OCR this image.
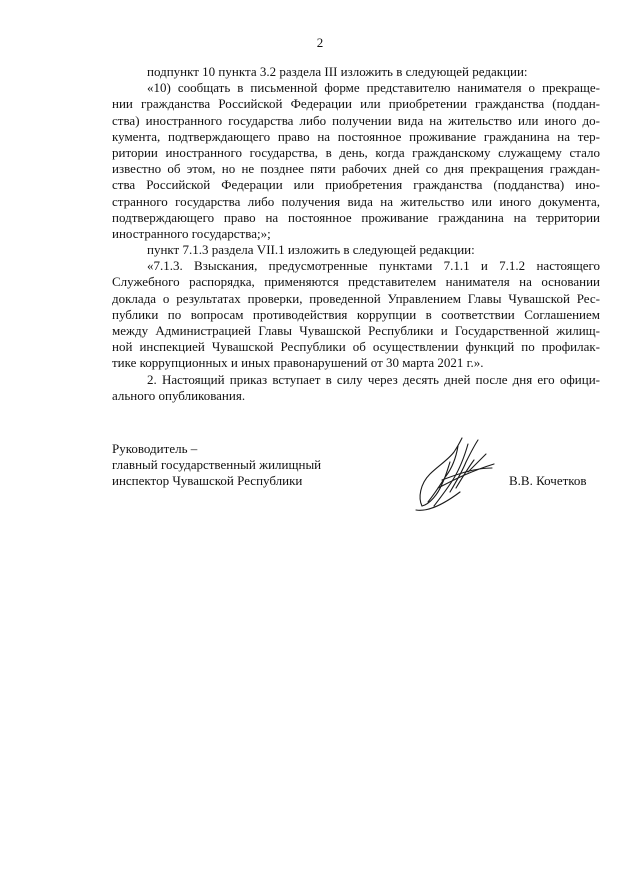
2
подпункт 10 пункта 3.2 раздела III изложить в следующей редакции:
«10) сообщать в письменной форме представителю нанимателя о прекраще-
нии гражданства Российской Федерации или приобретении гражданства (поддан-
ства) иностранного государства либо получении вида на жительство или иного до-
кумента, подтверждающего право на постоянное проживание гражданина на тер-
ритории иностранного государства, в день, когда гражданскому служащему стало
известно об этом, но не позднее пяти рабочих дней со дня прекращения граждан-
ства Российской Федерации или приобретения гражданства (подданства) ино-
странного государства либо получения вида на жительство или иного документа,
подтверждающего право на постоянное проживание гражданина на территории
иностранного государства;»;
пункт 7.1.3 раздела VII.1 изложить в следующей редакции:
«7.1.3. Взыскания, предусмотренные пунктами 7.1.1 и 7.1.2 настоящего
Служебного распорядка, применяются представителем нанимателя на основании
доклада о результатах проверки, проведенной Управлением Главы Чувашской Рес-
публики по вопросам противодействия коррупции в соответствии Соглашением
между Администрацией Главы Чувашской Республики и Государственной жилищ-
ной инспекцией Чувашской Республики об осуществлении функций по профилак-
тике коррупционных и иных правонарушений от 30 марта 2021 г.».
2. Настоящий приказ вступает в силу через десять дней после дня его офици-
ального опубликования.
Руководитель –
главный государственный жилищный
инспектор Чувашской Республики	В.В. Кочетков
